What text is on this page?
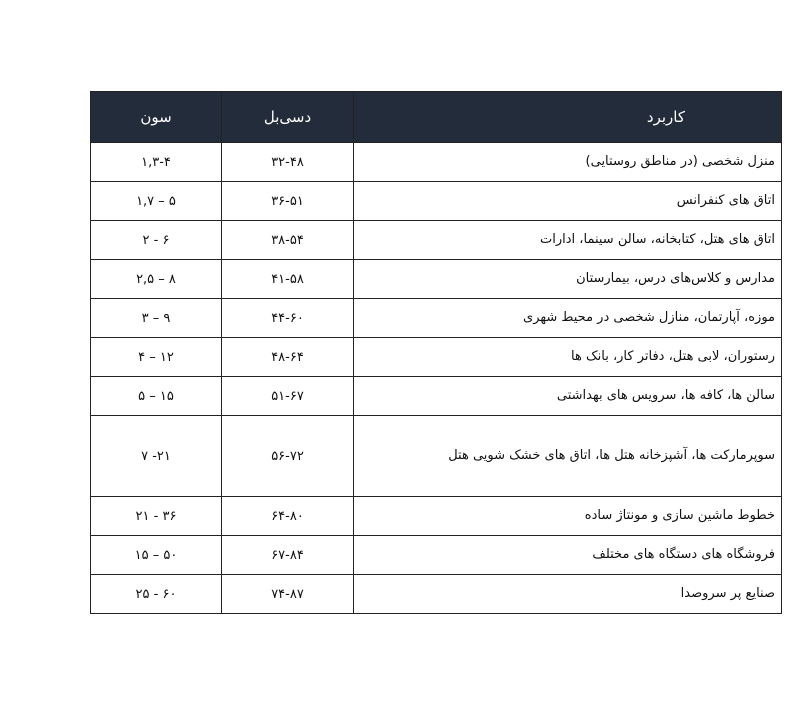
کاربرد	دسی‌بل	سون
منزل شخصی (در مناطق روستایی)	۳۲-۴۸	۱,۳-۴
اتاق های کنفرانس	۳۶-۵۱	۱,۷ – ۵
اتاق های هتل، کتابخانه، سالن سینما، ادارات	۳۸-۵۴	۲ - ۶
مدارس و کلاس‌های درس، بیمارستان	۴۱-۵۸	۲,۵ – ۸
موزه، آپارتمان، منازل شخصی در محیط شهری	۴۴-۶۰	۳ – ۹
رستوران، لابی هتل، دفاتر کار، بانک ها	۴۸-۶۴	۴ – ۱۲
سالن ها، کافه ها، سرویس های بهداشتی	۵۱-۶۷	۵ – ۱۵
سوپرمارکت ها، آشپزخانه هتل ها، اتاق های خشک شویی هتل	۵۶-۷۲	۷ -۲۱
خطوط ماشین سازی و مونتاژ ساده	۶۴-۸۰	۲۱ - ۳۶
فروشگاه های دستگاه های مختلف	۶۷-۸۴	۱۵ – ۵۰
صنایع پر سروصدا	۷۴-۸۷	۲۵ - ۶۰
